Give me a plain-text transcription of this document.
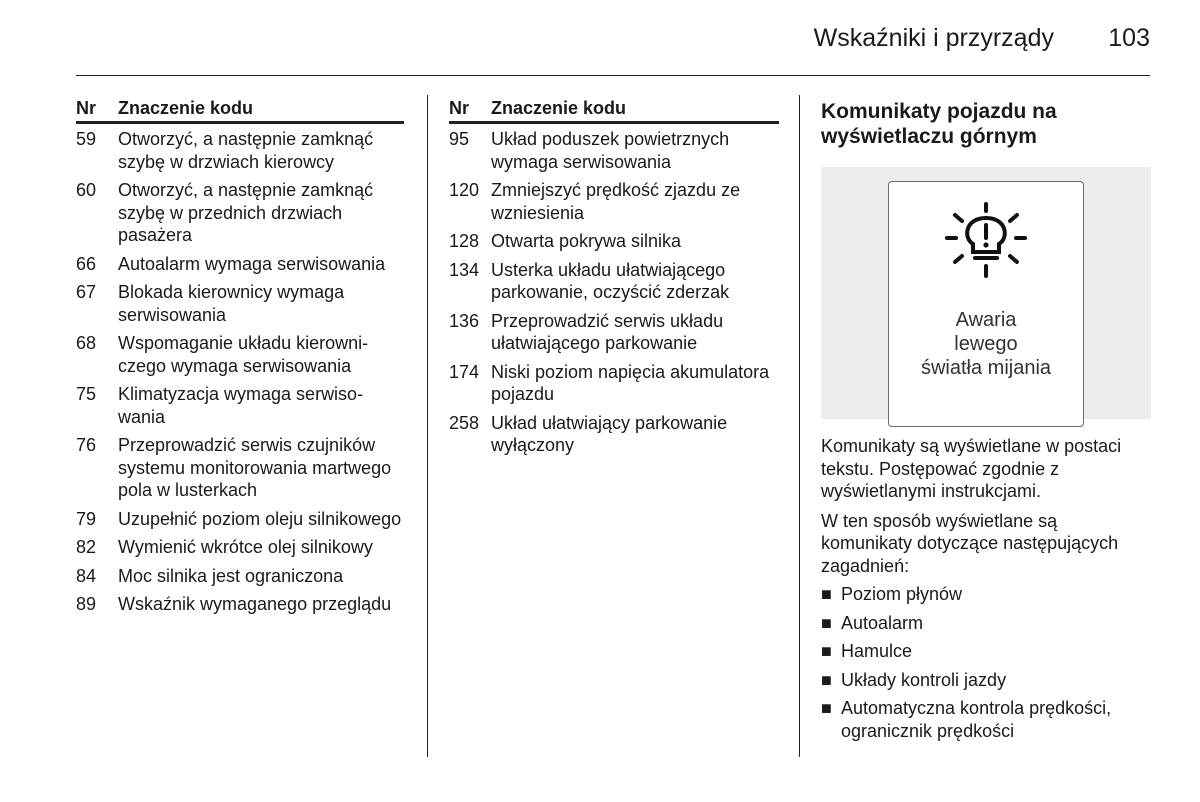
Wskaźniki i przyrządy 103
Nr	Znaczenie kodu
59	Otworzyć, a następnie zamknąć szybę w drzwiach kierowcy
60	Otworzyć, a następnie zamknąć szybę w przednich drzwiach pasażera
66	Autoalarm wymaga serwisowania
67	Blokada kierownicy wymaga serwisowania
68	Wspomaganie układu kierowniczego wymaga serwisowania
75	Klimatyzacja wymaga serwisowania
76	Przeprowadzić serwis czujników systemu monitorowania martwego pola w lusterkach
79	Uzupełnić poziom oleju silnikowego
82	Wymienić wkrótce olej silnikowy
84	Moc silnika jest ograniczona
89	Wskaźnik wymaganego przeglądu
Nr	Znaczenie kodu
95	Układ poduszek powietrznych wymaga serwisowania
120 Zmniejszyć prędkość zjazdu ze wzniesienia
128 Otwarta pokrywa silnika
134 Usterka układu ułatwiającego parkowanie, oczyścić zderzak
136 Przeprowadzić serwis układu ułatwiającego parkowanie
174 Niski poziom napięcia akumulatora pojazdu
258 Układ ułatwiający parkowanie wyłączony
Komunikaty pojazdu na wyświetlaczu górnym
Awaria
lewego
światła mijania

Komunikaty są wyświetlane w postaci tekstu. Postępować zgodnie z wyświetlanymi instrukcjami.

W ten sposób wyświetlane są komunikaty dotyczące następujących zagadnień:

■ Poziom płynów
■ Autoalarm
■ Hamulce
■ Układy kontroli jazdy
■ Automatyczna kontrola prędkości, ogranicznik prędkości
